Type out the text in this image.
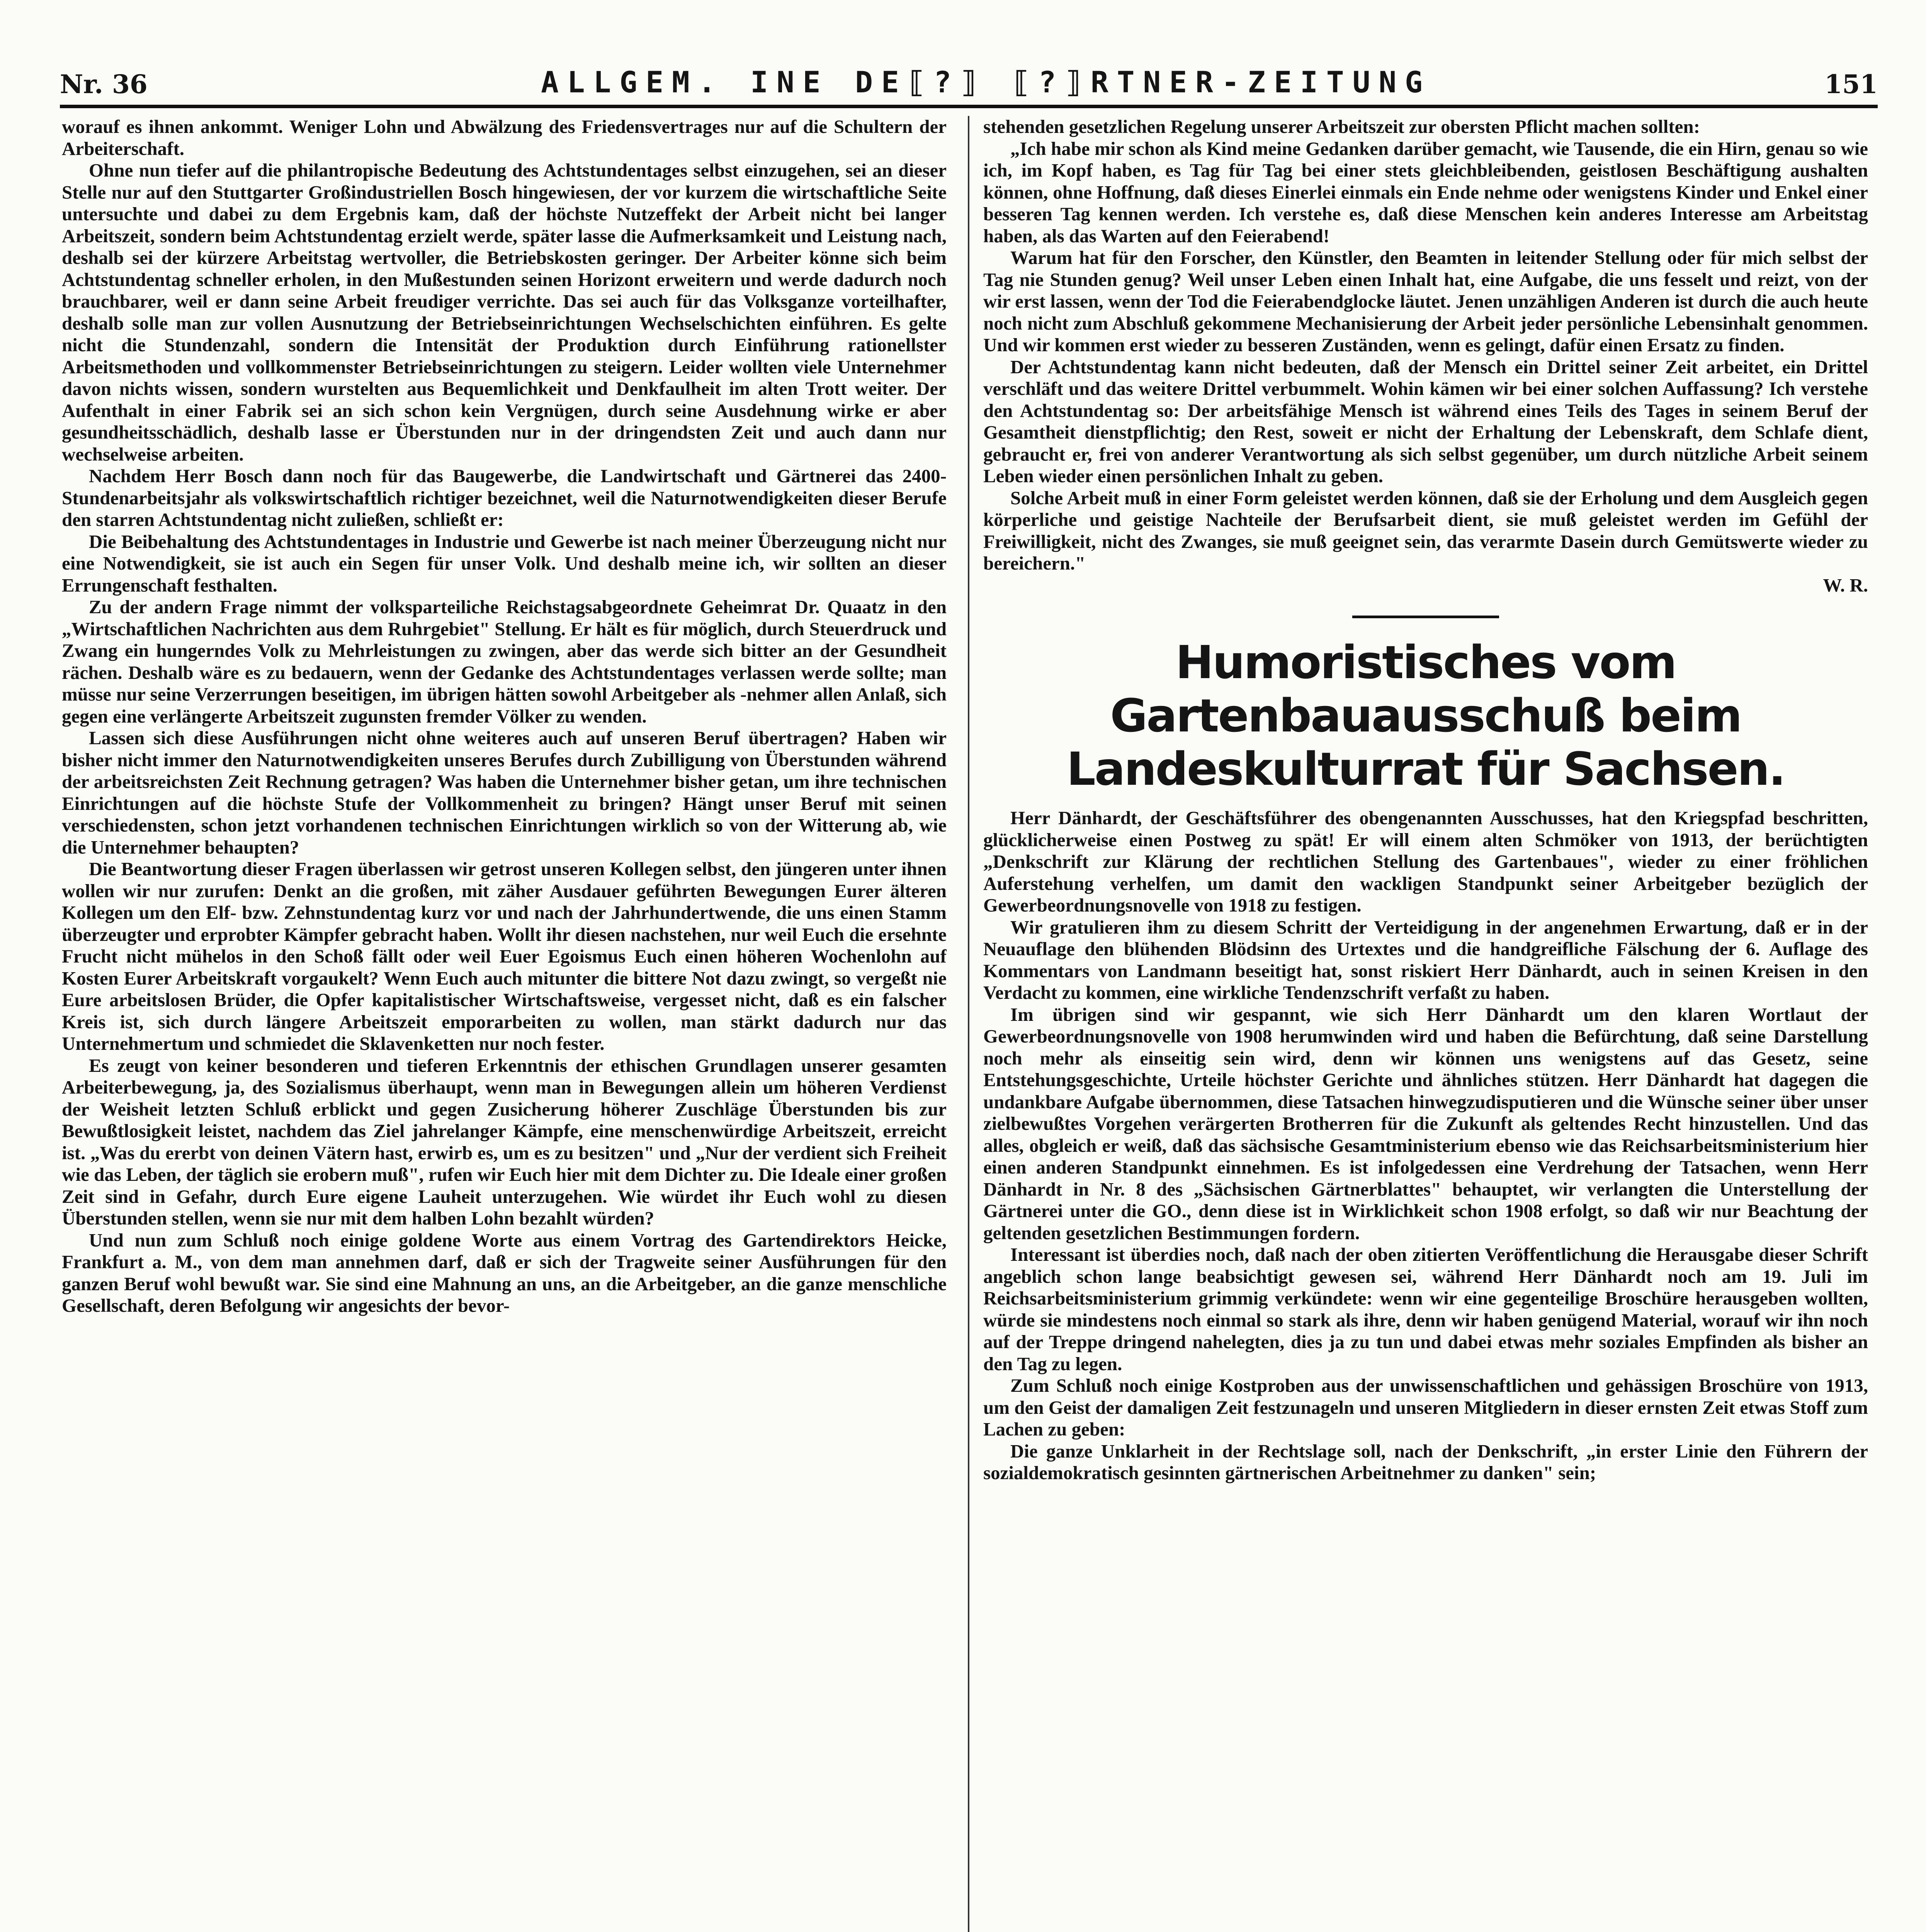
Nr. 36	ALLGEM. INE DE⟦?⟧ ⟦?⟧RTNER-ZEITUNG	151

worauf es ihnen ankommt. Weniger Lohn und Abwälzung des Friedensvertrages nur auf die Schultern der Arbeiterschaft.

Ohne nun tiefer auf die philantropische Bedeutung des Achtstundentages selbst einzugehen, sei an dieser Stelle nur auf den Stuttgarter Großindustriellen Bosch hingewiesen, der vor kurzem die wirtschaftliche Seite untersuchte und dabei zu dem Ergebnis kam, daß der höchste Nutzeffekt der Arbeit nicht bei langer Arbeitszeit, sondern beim Achtstundentag erzielt werde, später lasse die Aufmerksamkeit und Leistung nach, deshalb sei der kürzere Arbeitstag wertvoller, die Betriebskosten geringer. Der Arbeiter könne sich beim Achtstundentag schneller erholen, in den Mußestunden seinen Horizont erweitern und werde dadurch noch brauchbarer, weil er dann seine Arbeit freudiger verrichte. Das sei auch für das Volksganze vorteilhafter, deshalb solle man zur vollen Ausnutzung der Betriebseinrichtungen Wechselschichten einführen. Es gelte nicht die Stundenzahl, sondern die Intensität der Produktion durch Einführung rationellster Arbeitsmethoden und vollkommenster Betriebseinrichtungen zu steigern. Leider wollten viele Unternehmer davon nichts wissen, sondern wurstelten aus Bequemlichkeit und Denkfaulheit im alten Trott weiter. Der Aufenthalt in einer Fabrik sei an sich schon kein Vergnügen, durch seine Ausdehnung wirke er aber gesundheitsschädlich, deshalb lasse er Überstunden nur in der dringendsten Zeit und auch dann nur wechselweise arbeiten.

Nachdem Herr Bosch dann noch für das Baugewerbe, die Landwirtschaft und Gärtnerei das 2400-Stundenarbeitsjahr als volkswirtschaftlich richtiger bezeichnet, weil die Naturnotwendigkeiten dieser Berufe den starren Achtstundentag nicht zuließen, schließt er:

Die Beibehaltung des Achtstundentages in Industrie und Gewerbe ist nach meiner Überzeugung nicht nur eine Notwendigkeit, sie ist auch ein Segen für unser Volk. Und deshalb meine ich, wir sollten an dieser Errungenschaft festhalten.

Zu der andern Frage nimmt der volksparteiliche Reichstagsabgeordnete Geheimrat Dr. Quaatz in den „Wirtschaftlichen Nachrichten aus dem Ruhrgebiet" Stellung. Er hält es für möglich, durch Steuerdruck und Zwang ein hungerndes Volk zu Mehrleistungen zu zwingen, aber das werde sich bitter an der Gesundheit rächen. Deshalb wäre es zu bedauern, wenn der Gedanke des Achtstundentages verlassen werde sollte; man müsse nur seine Verzerrungen beseitigen, im übrigen hätten sowohl Arbeitgeber als -nehmer allen Anlaß, sich gegen eine verlängerte Arbeitszeit zugunsten fremder Völker zu wenden.

Lassen sich diese Ausführungen nicht ohne weiteres auch auf unseren Beruf übertragen? Haben wir bisher nicht immer den Naturnotwendigkeiten unseres Berufes durch Zubilligung von Überstunden während der arbeitsreichsten Zeit Rechnung getragen? Was haben die Unternehmer bisher getan, um ihre technischen Einrichtungen auf die höchste Stufe der Vollkommenheit zu bringen? Hängt unser Beruf mit seinen verschiedensten, schon jetzt vorhandenen technischen Einrichtungen wirklich so von der Witterung ab, wie die Unternehmer behaupten?

Die Beantwortung dieser Fragen überlassen wir getrost unseren Kollegen selbst, den jüngeren unter ihnen wollen wir nur zurufen: Denkt an die großen, mit zäher Ausdauer geführten Bewegungen Eurer älteren Kollegen um den Elf- bzw. Zehnstundentag kurz vor und nach der Jahrhundertwende, die uns einen Stamm überzeugter und erprobter Kämpfer gebracht haben. Wollt ihr diesen nachstehen, nur weil Euch die ersehnte Frucht nicht mühelos in den Schoß fällt oder weil Euer Egoismus Euch einen höheren Wochenlohn auf Kosten Eurer Arbeitskraft vorgaukelt? Wenn Euch auch mitunter die bittere Not dazu zwingt, so vergeßt nie Eure arbeitslosen Brüder, die Opfer kapitalistischer Wirtschaftsweise, vergesset nicht, daß es ein falscher Kreis ist, sich durch längere Arbeitszeit emporarbeiten zu wollen, man stärkt dadurch nur das Unternehmertum und schmiedet die Sklavenketten nur noch fester.

Es zeugt von keiner besonderen und tieferen Erkenntnis der ethischen Grundlagen unserer gesamten Arbeiterbewegung, ja, des Sozialismus überhaupt, wenn man in Bewegungen allein um höheren Verdienst der Weisheit letzten Schluß erblickt und gegen Zusicherung höherer Zuschläge Überstunden bis zur Bewußtlosigkeit leistet, nachdem das Ziel jahrelanger Kämpfe, eine menschenwürdige Arbeitszeit, erreicht ist. „Was du ererbt von deinen Vätern hast, erwirb es, um es zu besitzen" und „Nur der verdient sich Freiheit wie das Leben, der täglich sie erobern muß", rufen wir Euch hier mit dem Dichter zu. Die Ideale einer großen Zeit sind in Gefahr, durch Eure eigene Lauheit unterzugehen. Wie würdet ihr Euch wohl zu diesen Überstunden stellen, wenn sie nur mit dem halben Lohn bezahlt würden?

Und nun zum Schluß noch einige goldene Worte aus einem Vortrag des Gartendirektors Heicke, Frankfurt a. M., von dem man annehmen darf, daß er sich der Tragweite seiner Ausführungen für den ganzen Beruf wohl bewußt war. Sie sind eine Mahnung an uns, an die Arbeitgeber, an die ganze menschliche Gesellschaft, deren Befolgung wir angesichts der bevor-

stehenden gesetzlichen Regelung unserer Arbeitszeit zur obersten Pflicht machen sollten:

„Ich habe mir schon als Kind meine Gedanken darüber gemacht, wie Tausende, die ein Hirn, genau so wie ich, im Kopf haben, es Tag für Tag bei einer stets gleichbleibenden, geistlosen Beschäftigung aushalten können, ohne Hoffnung, daß dieses Einerlei einmals ein Ende nehme oder wenigstens Kinder und Enkel einer besseren Tag kennen werden. Ich verstehe es, daß diese Menschen kein anderes Interesse am Arbeitstag haben, als das Warten auf den Feierabend!

Warum hat für den Forscher, den Künstler, den Beamten in leitender Stellung oder für mich selbst der Tag nie Stunden genug? Weil unser Leben einen Inhalt hat, eine Aufgabe, die uns fesselt und reizt, von der wir erst lassen, wenn der Tod die Feierabendglocke läutet. Jenen unzähligen Anderen ist durch die auch heute noch nicht zum Abschluß gekommene Mechanisierung der Arbeit jeder persönliche Lebensinhalt genommen. Und wir kommen erst wieder zu besseren Zuständen, wenn es gelingt, dafür einen Ersatz zu finden.

Der Achtstundentag kann nicht bedeuten, daß der Mensch ein Drittel seiner Zeit arbeitet, ein Drittel verschläft und das weitere Drittel verbummelt. Wohin kämen wir bei einer solchen Auffassung? Ich verstehe den Achtstundentag so: Der arbeitsfähige Mensch ist während eines Teils des Tages in seinem Beruf der Gesamtheit dienstpflichtig; den Rest, soweit er nicht der Erhaltung der Lebenskraft, dem Schlafe dient, gebraucht er, frei von anderer Verantwortung als sich selbst gegenüber, um durch nützliche Arbeit seinem Leben wieder einen persönlichen Inhalt zu geben.

Solche Arbeit muß in einer Form geleistet werden können, daß sie der Erholung und dem Ausgleich gegen körperliche und geistige Nachteile der Berufsarbeit dient, sie muß geleistet werden im Gefühl der Freiwilligkeit, nicht des Zwanges, sie muß geeignet sein, das verarmte Dasein durch Gemütswerte wieder zu bereichern."

W. R.

Humoristisches vom Gartenbauausschuß beim
Landeskulturrat für Sachsen.

Herr Dänhardt, der Geschäftsführer des obengenannten Ausschusses, hat den Kriegspfad beschritten, glücklicherweise einen Postweg zu spät! Er will einem alten Schmöker von 1913, der berüchtigten „Denkschrift zur Klärung der rechtlichen Stellung des Gartenbaues", wieder zu einer fröhlichen Auferstehung verhelfen, um damit den wackligen Standpunkt seiner Arbeitgeber bezüglich der Gewerbeordnungsnovelle von 1918 zu festigen.

Wir gratulieren ihm zu diesem Schritt der Verteidigung in der angenehmen Erwartung, daß er in der Neuauflage den blühenden Blödsinn des Urtextes und die handgreifliche Fälschung der 6. Auflage des Kommentars von Landmann beseitigt hat, sonst riskiert Herr Dänhardt, auch in seinen Kreisen in den Verdacht zu kommen, eine wirkliche Tendenzschrift verfaßt zu haben.

Im übrigen sind wir gespannt, wie sich Herr Dänhardt um den klaren Wortlaut der Gewerbeordnungsnovelle von 1908 herumwinden wird und haben die Befürchtung, daß seine Darstellung noch mehr als einseitig sein wird, denn wir können uns wenigstens auf das Gesetz, seine Entstehungsgeschichte, Urteile höchster Gerichte und ähnliches stützen. Herr Dänhardt hat dagegen die undankbare Aufgabe übernommen, diese Tatsachen hinwegzudisputieren und die Wünsche seiner über unser zielbewußtes Vorgehen verärgerten Brotherren für die Zukunft als geltendes Recht hinzustellen. Und das alles, obgleich er weiß, daß das sächsische Gesamtministerium ebenso wie das Reichsarbeitsministerium hier einen anderen Standpunkt einnehmen. Es ist infolgedessen eine Verdrehung der Tatsachen, wenn Herr Dänhardt in Nr. 8 des „Sächsischen Gärtnerblattes" behauptet, wir verlangten die Unterstellung der Gärtnerei unter die GO., denn diese ist in Wirklichkeit schon 1908 erfolgt, so daß wir nur Beachtung der geltenden gesetzlichen Bestimmungen fordern.

Interessant ist überdies noch, daß nach der oben zitierten Veröffentlichung die Herausgabe dieser Schrift angeblich schon lange beabsichtigt gewesen sei, während Herr Dänhardt noch am 19. Juli im Reichsarbeitsministerium grimmig verkündete: wenn wir eine gegenteilige Broschüre herausgeben wollten, würde sie mindestens noch einmal so stark als ihre, denn wir haben genügend Material, worauf wir ihn noch auf der Treppe dringend nahelegten, dies ja zu tun und dabei etwas mehr soziales Empfinden als bisher an den Tag zu legen.

Zum Schluß noch einige Kostproben aus der unwissenschaftlichen und gehässigen Broschüre von 1913, um den Geist der damaligen Zeit festzunageln und unseren Mitgliedern in dieser ernsten Zeit etwas Stoff zum Lachen zu geben:

Die ganze Unklarheit in der Rechtslage soll, nach der Denkschrift, „in erster Linie den Führern der sozialdemokratisch gesinnten gärtnerischen Arbeitnehmer zu danken" sein;
